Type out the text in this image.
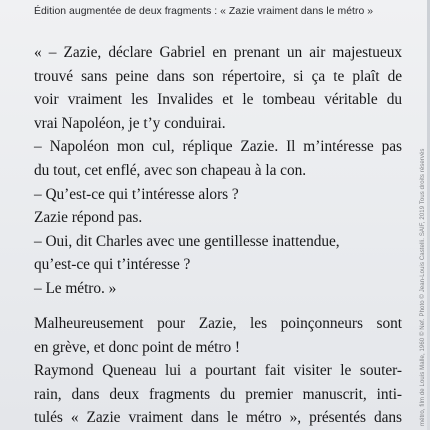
Édition augmentée de deux fragments : « Zazie vraiment dans le métro »
« – Zazie, déclare Gabriel en prenant un air majestueux
trouvé sans peine dans son répertoire, si ça te plaît de
voir vraiment les Invalides et le tombeau véritable du
vrai Napoléon, je t’y conduirai.
– Napoléon mon cul, réplique Zazie. Il m’intéresse pas
du tout, cet enflé, avec son chapeau à la con.
– Qu’est-ce qui t’intéresse alors ?
Zazie répond pas.
– Oui, dit Charles avec une gentillesse inattendue,
qu’est-ce qui t’intéresse ?
– Le métro. »
Malheureusement pour Zazie, les poinçonneurs sont
en grève, et donc point de métro !
Raymond Queneau lui a pourtant fait visiter le souter-
rain, dans deux fragments du premier manuscrit, inti-
tulés « Zazie vraiment dans le métro », présentés dans	métro, film de Louis Malle, 1960 © Nef. Photo © Jean-Louis Castelli. SAIF, 2019 Tous droits réservés
